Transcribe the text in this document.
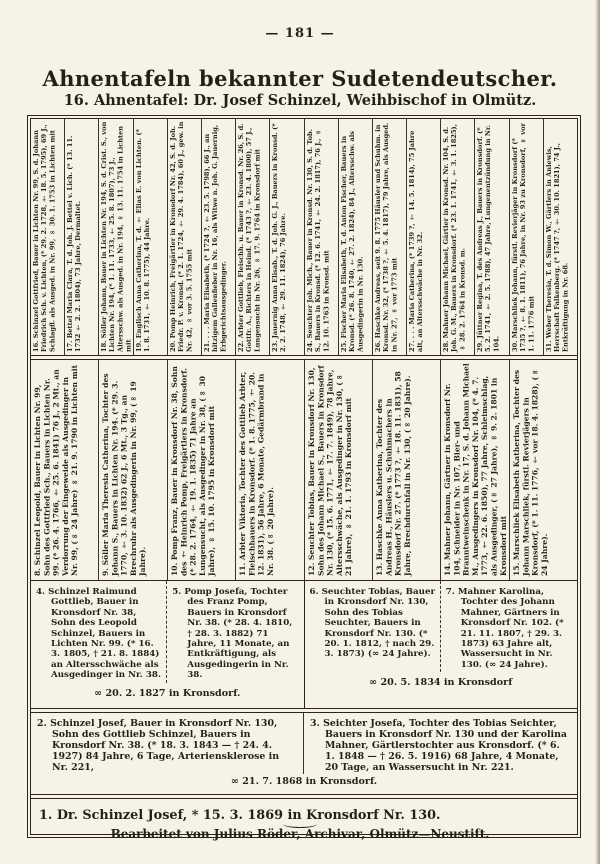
— 181 —
Ahnentafeln bekannter Sudetendeutscher.
16. Ahnentafel: Dr. Josef Schinzel, Weihbischof in Olmütz.
16. Schinzel Gottfried, Bauer in Lichten Nr. 99, S. d. Johann Friedrich Sch. v. Lichten, (* 29. 2. 1728, † 18. 5. 1795), 69 J., Schlagfl. als Ausged. in Nr. 99, ∞ 30. 1. 1753 in Lichten mit	17. Bettel Maria Clara, T. d. Joh. J. Bettel v. Lich. (* 13. 11. 1732 † 2. 2. 1804), 73 Jahre, Dermaltet.	18. Söller Johann, Bauer in Lichten Nr. 194, S. d. Crist. S., von Lichten Nr. 194, (* 1. 11. 1733, † 25. 8. 1807), 73 J., Altersschw. als Ausged. in Nr. 194, ∞ 13. 11. 1754 in Lichten mit 19. Englisch Anna Catherina, T. d. † Elias E. von Lichten. (* 1. 8. 1731, † 10. 8. 1775), 44 Jahre.	20. Pomp Heinrich, Freigärtler in Kronsdorf Nr. 42, S. d. Joh. Friedr. P. v. Kronsd. (* 2. 1. 1724, † 29. 4. 1784), 60 J., gew. in Nr. 42, ∞ vor 3. 5. 1755 mit	21. . . . Maria Elisabeth, (* 1724 ?, † 23. 5. 1798), 66 J., an hitzigem Gallenfieber in Nr. 16, als Witwe n. Joh. G. Jauernig, Erbgerichtsausgedinger.	22. Arbter Gottlieb, Fleischh. u. Bauer in Kronsd. Nr. 26, S. d. Gottfr. A., Richters in Heind. (* 1743 ?, † 23. 4. 1800), 57 J., Lungensucht in Nr. 26, ∞ 17. 9. 1764 in Kronsdorf mit	23. Jauernig Anna Elisab., T. d. Joh. G. J., Bauers in Kronsd. (* 2. 2. 1748, † 29. 11. 1824), 76 Jahre.	24. Seuchter Joh. Mich., Bauer in Kronsd. Nr. 130, S. d. Tob. S., Bauers in Kronsd. (* 12. 6. 1741, † 24. 2. 1817), 76 J., ∞ 12. 10. 1763 in Kronsd. mit	25. Fischer Maria Elisabeth, T. d. Anton Fischer, Bauers in Kronsd. (* 26. 8. 1740, † 27. 2. 1824), 84 J., Altersschw. als Ausgedingerin in Nr. 130.	26. Haschke Andreas, seit 9. 8. 1775 Häusler und Schuhm. in Kronsd. Nr. 32, (* 1738 ?, † 5. 4. 1817), 79 Jahre, als Ausged. in Nr. 27, ∞ vor 1773 mit	27. . . . Maria Catherina, (* 1739 ?, † 14. 5. 1814), 75 Jahre alt, an Altersschwäche in Nr. 32.	28. Mahner Johann Michael, Gärtler in Kronsd. Nr. 104, S. d. Joh. G. M., Bauers in Kronsdorf. (* 23. 1. 1741, † 3. 1. 1825), ∞ 28. 2. 1764 in Kronsd. m.	29. Jüttner Regina, T. des Andreas J., Bauers in Kronsdorf. (* 5. 2. 1741, † 2. 5. 1788), 47 Jahre, Lungenentzündung in Nr. 104.	30. Marschliek Johann, fürstl. Revierjäger in Kronsdorf (* 1735 ?, † 8. 1. 1811), 76 Jahre, in Nr. 93 zu Kronsdorf, ∞ vor 1. 11. 1776 mit	31. Weber Theresia, T. d. Simon W., Gärtlers in Anlewis, Herrschaft Falkenberg. (* 1747 ?, † 30. 10. 1821), 74 J., Entkräftigung in Nr. 68.
8. Schinzel Leopold, Bauer in Lichten Nr. 99, Sohn des Gottfried Sch., Bauers in Lichten Nr. 99. (* 26. 4. 1766, † 25. 6. 1841) 76 J., 2 Mt., an Verdorrung der Eingeweide als Ausgedinger in Nr. 99, (∞ 24 Jahre) ∞ 21. 9. 1790 in Lichten mit	9. Söller Maria Theresia Catherina, Tochter des Johann S., Bauers in Lichten Nr. 194. (* 29. 3. 1770, † 3. 10. 1832) 62 J., 6 Mt., 3 Tg., an Brechruhr als Ausgedingerin in Nr. 99, (∞ 19 Jahre).	10. Pomp Franz, Bauer in Kronsdorf Nr. 38, Sohn des † Heinrich Pomp, Freigärtlers in Kronsdorf. (* 28. 2. 1764, † 19. 1. 1835) 71 Jahre an Lungensucht, als Ausgedinger in Nr. 38, (∞ 30 Jahre), ∞ 15. 10. 1795 in Kronsdorf mit	11. Arbter Viktoria, Tochter des Gottlieb Arbter, Fleischhauers in Kronsdorf. (* 1. 8. 1775, † 20. 12. 1831), 56 Jahre, 6 Monate, Gedärmbrand in Nr. 38. (∞ 20 Jahre).	12. Seuchter Tobias, Bauer in Kronsdorf Nr. 130, Sohn des Johann Michael S., Bauers in Kronsdorf Nr. 130, (* 15. 6. 1771, † 17. 7. 1849), 78 Jahre, Altersschwäche, als Ausgedinger in Nr. 130, (∞ 21 Jahre), ∞ 21. 1. 1793 in Kronsdorf mit	13. Haschke Anna Katherina, Tochter des Andreas H., Häuslers u. Schuhmachers in Kronsdorf Nr. 27. (* 1773 ?, † 18. 11. 1831), 58 Jahre, Brechdurchfall in Nr. 130, (∞ 20 Jahre).	14. Mahner Johann, Gärtner in Kronsdorf Nr. 104, Schneider in Nr. 107, Bier- und Branntweinschenk in Nr. 17, S. d. Johann Michael M., Ausgedingers in Kronsdorf Nr. 104, (* 4. 7. 1773, † 22. 6. 1850), 77 Jahre, Schleimschlag, als Ausgedinger, (∞ 27 Jahre), ∞ 9. 2. 1801 in Kronsdorf mit 15. Marschliek Elisabeth Katherina, Tochter des Johann Marschliek, fürstl. Revierjägers in Kronsdorf, (* 1. 11. 1776, † vor 18. 4. 1828), (∞ 24 Jahre).
4. Schinzel Raimund Gottlieb, Bauer in Kronsdorf Nr. 38, Sohn des Leopold Schinzel, Bauers in Lichten Nr. 99. (* 16. 3. 1805, † 21. 8. 1884) an Altersschwäche als Ausgedinger in Nr. 38.
5. Pomp Josefa, Tochter des Franz Pomp, Bauers in Kronsdorf Nr. 38. (* 28. 4. 1810, † 28. 3. 1882) 71 Jahre, 11 Monate, an Entkräftigung, als Ausgedingerin in Nr. 38.
∞ 20. 2. 1827 in Kronsdorf.
6. Seuchter Tobias, Bauer in Kronsdorf Nr. 130, Sohn des Tobias Seuchter, Bauers in Kronsdorf Nr. 130. (* 20. 1. 1812, † nach 29. 3. 1873) (∞ 24 Jahre).
7. Mahner Karolina, Tochter des Johann Mahner, Gärtners in Kronsdorf Nr. 102. (* 21. 11. 1807, † 29. 3. 1873) 63 Jahre alt, Wassersucht in Nr. 130. (∞ 24 Jahre).
∞ 20. 5. 1834 in Kronsdorf
2. Schinzel Josef, Bauer in Kronsdorf Nr. 130, Sohn des Gottlieb Schinzel, Bauers in Kronsdorf Nr. 38. (* 18. 3. 1843 — † 24. 4. 1927) 84 Jahre, 6 Tage, Arteriensklerose in Nr. 221,
3. Seichter Josefa, Tochter des Tobias Seichter, Bauers in Kronsdorf Nr. 130 und der Karolina Mahner, Gärtlerstochter aus Kronsdorf. (* 6. 1. 1848 — † 26. 5. 1916) 68 Jahre, 4 Monate, 20 Tage, an Wassersucht in Nr. 221.
∞ 21. 7. 1868 in Kronsdorf.
1. Dr. Schinzel Josef, * 15. 3. 1869 in Kronsdorf Nr. 130.
Bearbeitet von Julius Röder, Archivar, Olmütz—Neustift.
